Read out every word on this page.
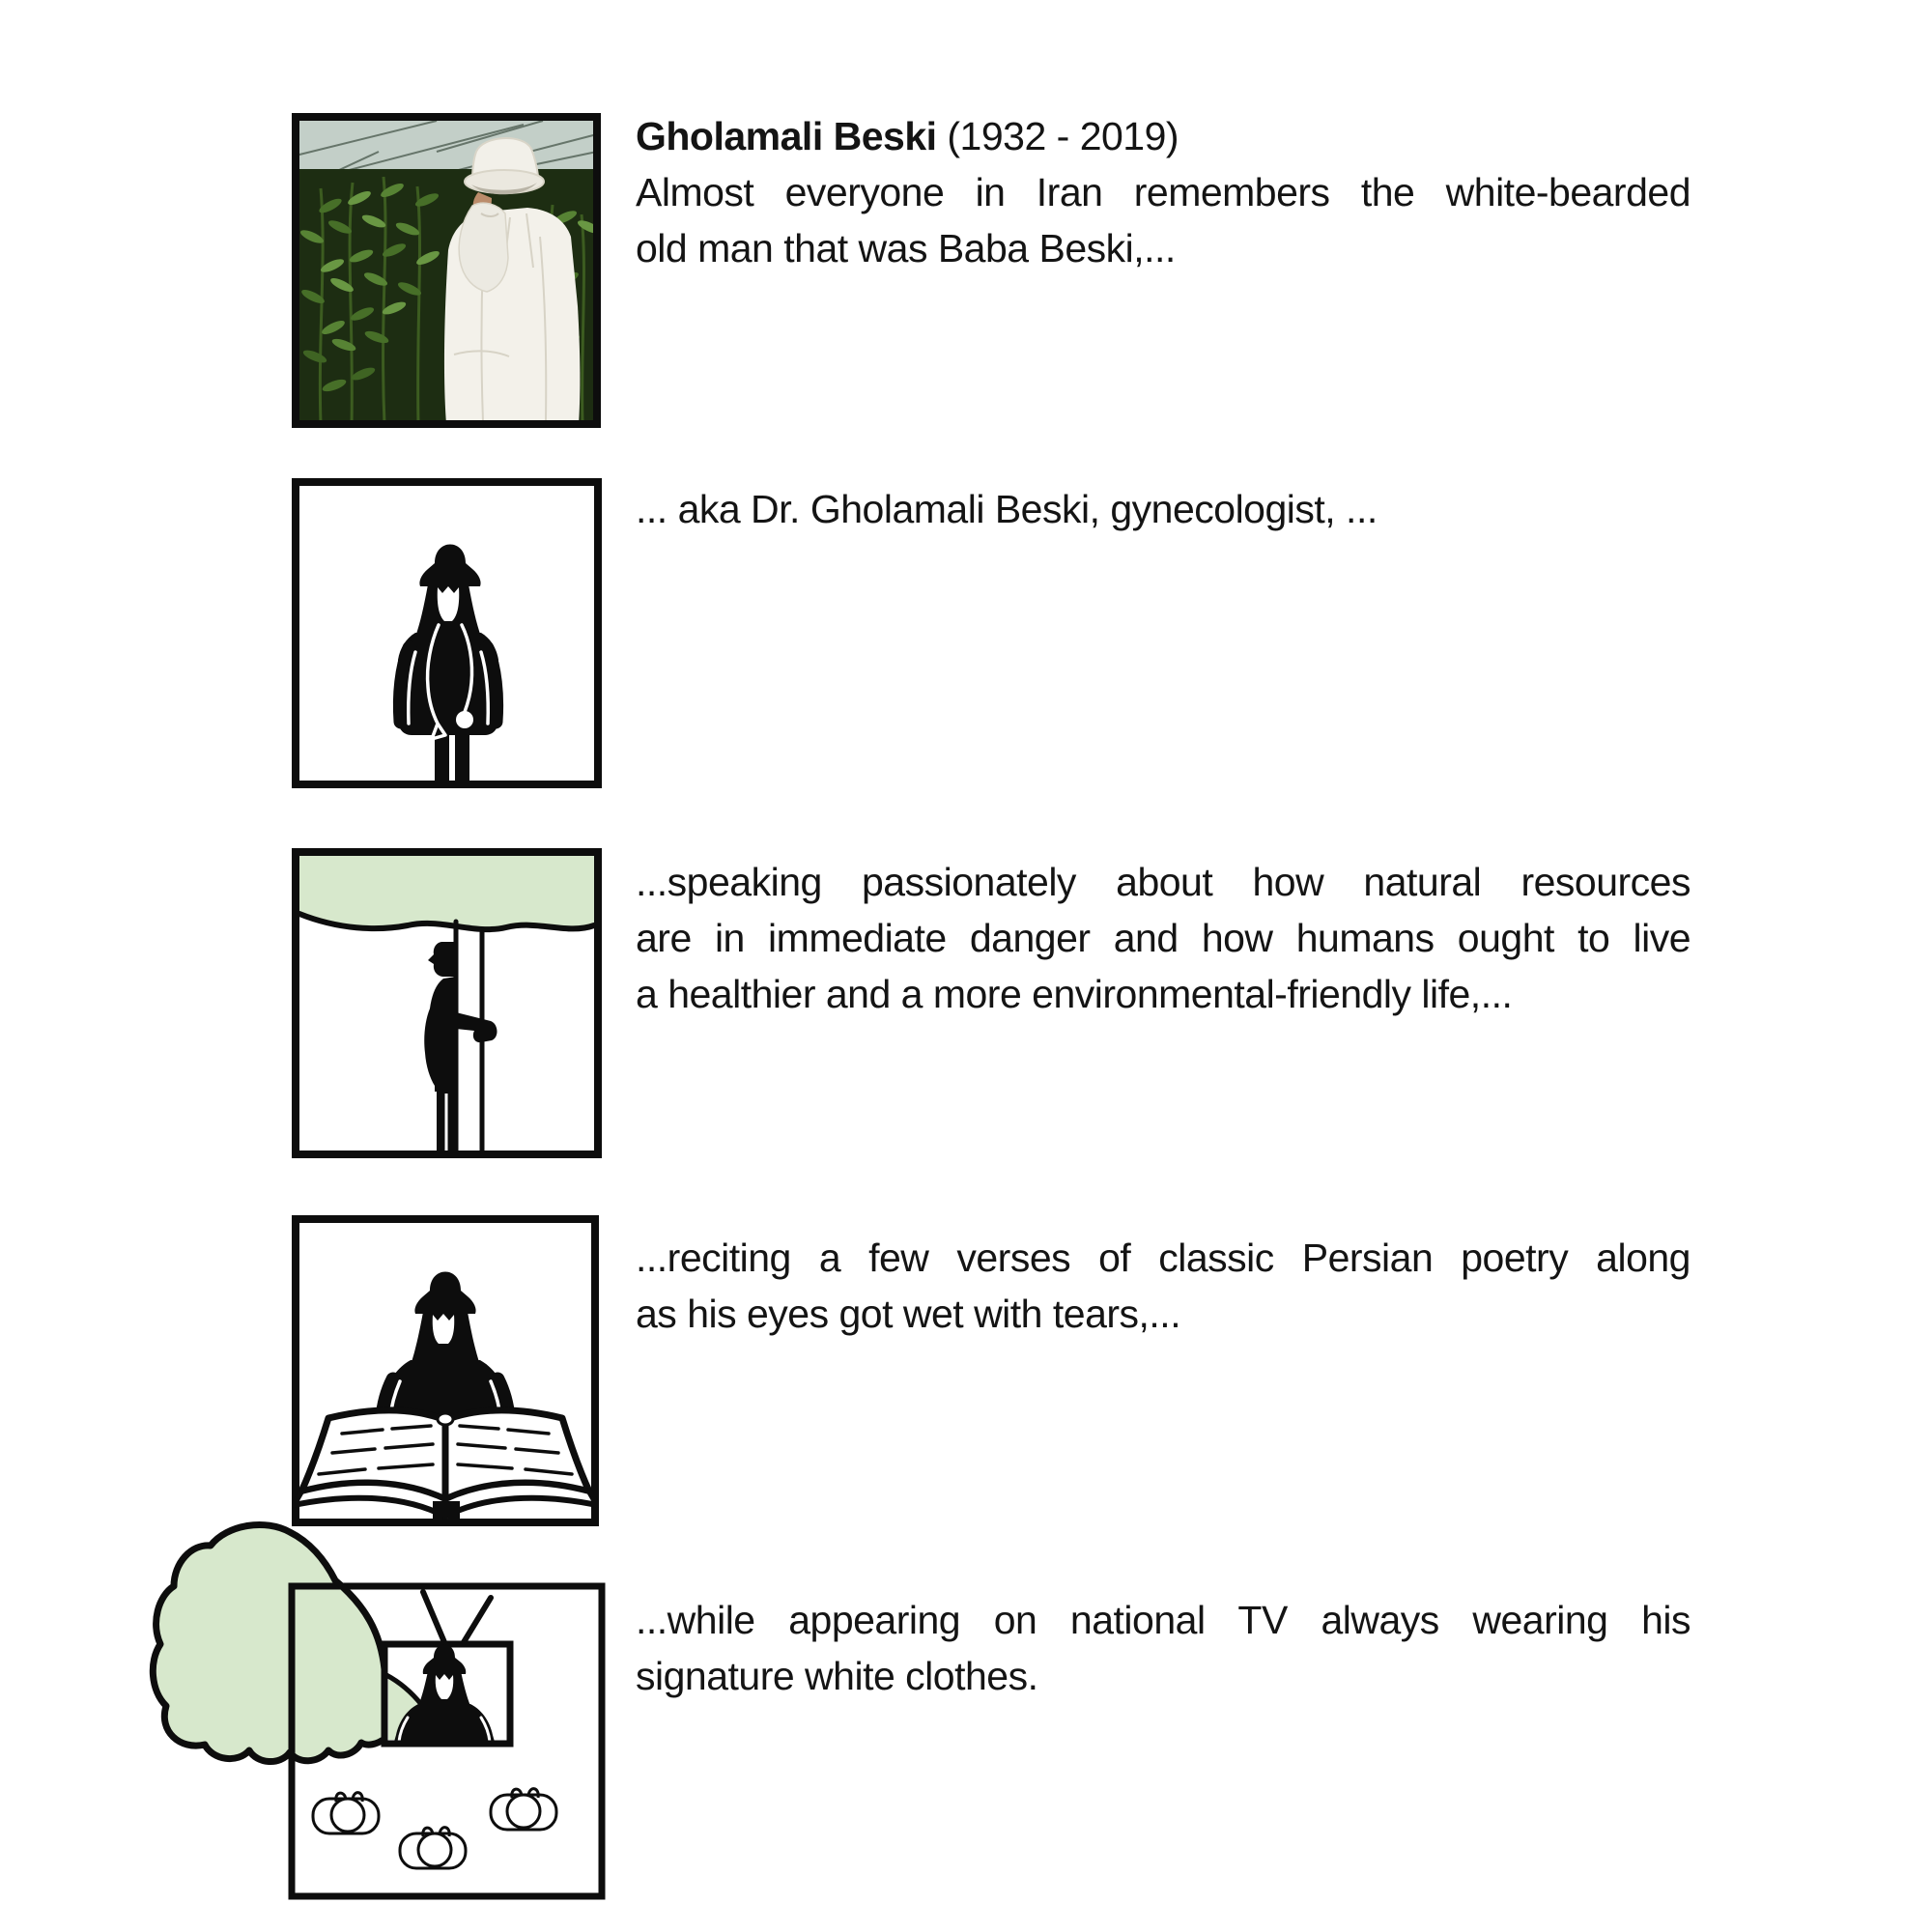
Gholamali Beski (1932 - 2019)
Almost everyone in Iran remembers the white-bearded
old man that was Baba Beski,...
... aka Dr. Gholamali Beski, gynecologist, ...
...speaking passionately about how natural resources
are in immediate danger and how humans ought to live
a healthier and a more environmental-friendly life,...
...reciting a few verses of classic Persian poetry along
as his eyes got wet with tears,...
...while appearing on national TV always wearing his
signature white clothes.
